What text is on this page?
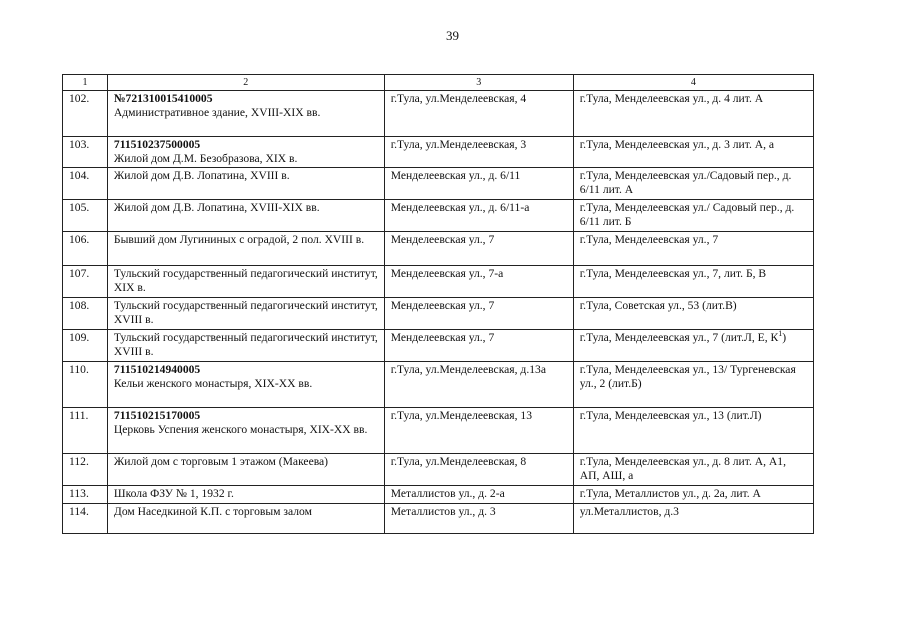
39
1	2	3	4
102.	№721310015410005
Административное здание, XVIII-XIX вв.	г.Тула, ул.Менделеевская, 4	г.Тула, Менделеевская ул., д. 4 лит. А
103.	711510237500005
Жилой дом Д.М. Безобразова, XIX в.	г.Тула, ул.Менделеевская, 3	г.Тула, Менделеевская ул., д. 3 лит. А, а
104.	Жилой дом Д.В. Лопатина, XVIII в.	Менделеевская ул., д. 6/11	г.Тула, Менделеевская ул./Садовый пер., д. 6/11 лит. А
105.	Жилой дом Д.В. Лопатина, XVIII-XIX вв.	Менделеевская ул., д. 6/11-а	г.Тула, Менделеевская ул./ Садовый пер., д. 6/11 лит. Б
106.	Бывший дом Лугининых с оградой, 2 пол. XVIII в.	Менделеевская ул., 7	г.Тула, Менделеевская ул., 7
107.	Тульский государственный педагогический институт, XIX в.	Менделеевская ул., 7-а	г.Тула, Менделеевская ул., 7, лит. Б, В
108.	Тульский государственный педагогический институт, XVIII в.	Менделеевская ул., 7	г.Тула, Советская ул., 53 (лит.В)
109.	Тульский государственный педагогический институт, XVIII в.	Менделеевская ул., 7	г.Тула, Менделеевская ул., 7 (лит.Л, Е, $К^1$)
110.	711510214940005
Кельи женского монастыря, XIX-XX вв.	г.Тула, ул.Менделеевская, д.13а	г.Тула, Менделеевская ул., 13/ Тургеневская ул., 2 (лит.Б)
111.	711510215170005
Церковь Успения женского монастыря, XIX-XX вв.	г.Тула, ул.Менделеевская, 13	г.Тула, Менделеевская ул., 13 (лит.Л)
112.	Жилой дом с торговым 1 этажом (Макеева)	г.Тула, ул.Менделеевская, 8	г.Тула, Менделеевская ул., д. 8 лит. А, А1, АП, АШ, а
113.	Школа ФЗУ № 1, 1932 г.	Металлистов ул., д. 2-а	г.Тула, Металлистов ул., д. 2а, лит. А
114.	Дом Наседкиной К.П. с торговым залом	Металлистов ул., д. 3	ул.Металлистов, д.3
